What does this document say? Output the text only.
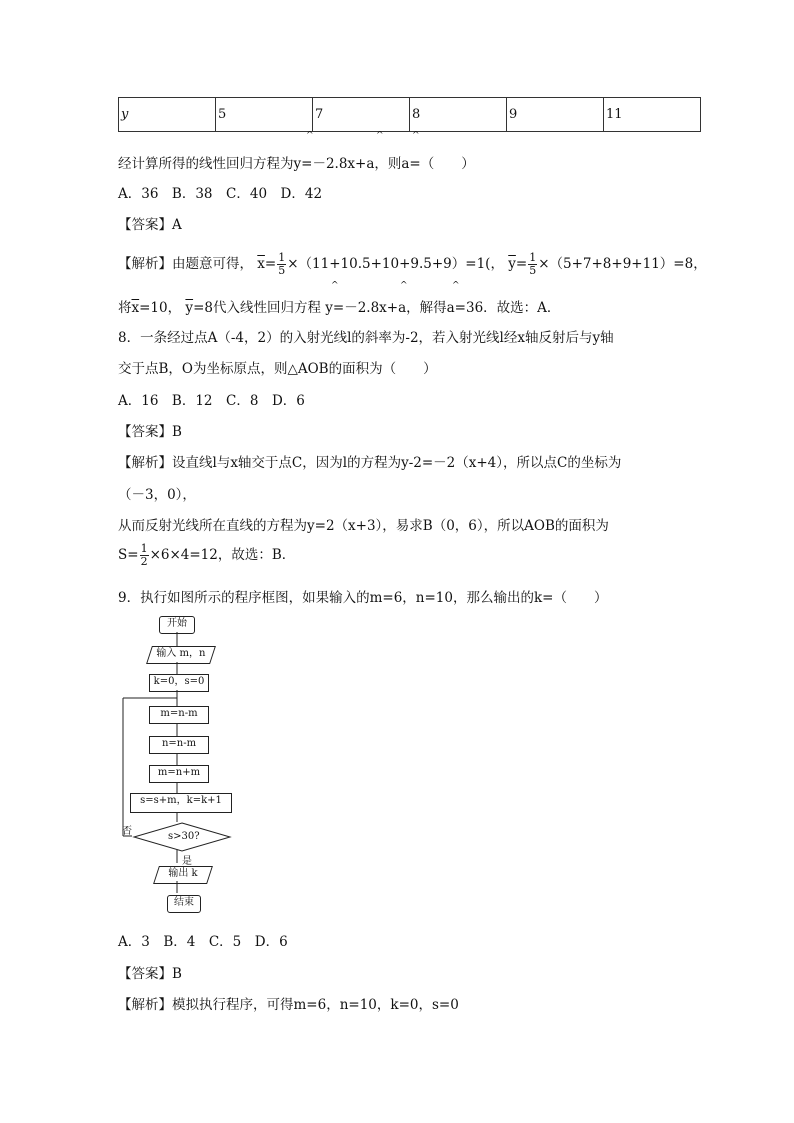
y	5	7	8	9	11
^	^	^
经计算所得的线性回归方程为y=－2.8x+a，则a=（　　）
A．36　B．38　C．40　D．42
【答案】A
【解析】由题意可得， $\overline{x}= \frac{1}{5} \times(11+10.5+10+9.5+9)=1$(， $\overline{y}= \frac{1}{5} \times(5+7+8+9+11)=8$，
^	^	^
将$\overline{x}=10$， $\overline{y}=8$代入线性回归方程 y=－2.8x+a，解得a=36．故选：A．
8．一条经过点A（-4，2）的入射光线l的斜率为-2，若入射光线l经x轴反射后与y轴
交于点B，O为坐标原点，则△AOB的面积为（　　）
A．16　B．12　C．8　D．6
【答案】B
【解析】设直线l与x轴交于点C，因为l的方程为y-2=－2（x+4），所以点C的坐标为
（－3，0），
从而反射光线所在直线的方程为y=2（x+3），易求B（0，6），所以AOB的面积为
$S= \frac{1}{2} \times 6\times 4=12$，故选：B．
9．执行如图所示的程序框图，如果输入的m=6，n=10，那么输出的k=（　　）
开始
输入 m，n
k=0，s=0
m=n-m
n=n-m
m=n+m
s=s+m，k=k+1
s>30?
否
是
输出 k
结束
A．3　B．4　C．5　D．6
【答案】B
【解析】模拟执行程序，可得m=6，n=10，k=0，s=0
